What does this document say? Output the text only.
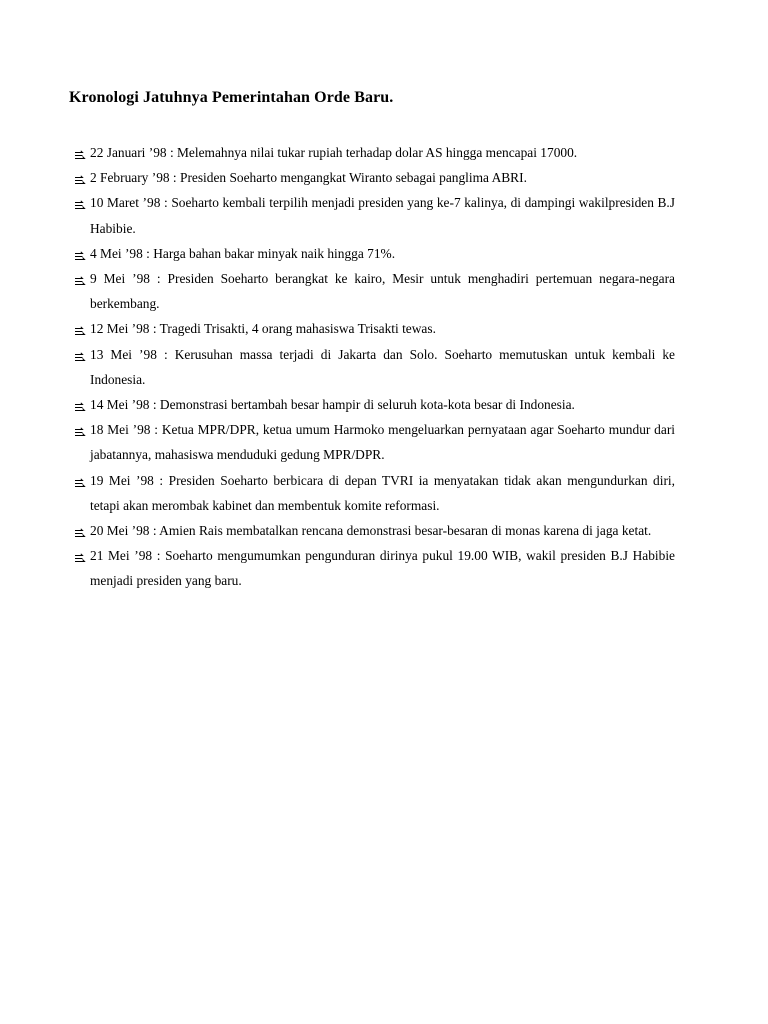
Kronologi Jatuhnya Pemerintahan Orde Baru.
22 Januari ’98 : Melemahnya nilai tukar rupiah terhadap dolar AS hingga mencapai 17000.
2 February ’98 : Presiden Soeharto mengangkat Wiranto sebagai panglima ABRI.
10 Maret ’98 : Soeharto kembali terpilih menjadi presiden yang ke-7 kalinya, di dampingi wakilpresiden B.J Habibie.
4 Mei ’98 : Harga bahan bakar minyak naik hingga 71%.
9 Mei ’98 : Presiden Soeharto berangkat ke kairo, Mesir untuk menghadiri pertemuan negara-negara berkembang.
12 Mei ’98 : Tragedi Trisakti, 4 orang mahasiswa Trisakti tewas.
13 Mei ’98 : Kerusuhan massa terjadi di Jakarta dan Solo. Soeharto memutuskan untuk kembali ke Indonesia.
14 Mei ’98 : Demonstrasi bertambah besar hampir di seluruh kota-kota besar di Indonesia.
18 Mei ’98 : Ketua MPR/DPR, ketua umum Harmoko mengeluarkan pernyataan agar Soeharto mundur dari jabatannya, mahasiswa menduduki gedung MPR/DPR.
19 Mei ’98 : Presiden Soeharto berbicara di depan TVRI ia menyatakan tidak akan mengundurkan diri, tetapi akan merombak kabinet dan membentuk komite reformasi.
20 Mei ’98 : Amien Rais membatalkan rencana demonstrasi besar-besaran di monas karena di jaga ketat.
21 Mei ’98 : Soeharto mengumumkan pengunduran dirinya pukul 19.00 WIB, wakil presiden B.J Habibie menjadi presiden yang baru.
